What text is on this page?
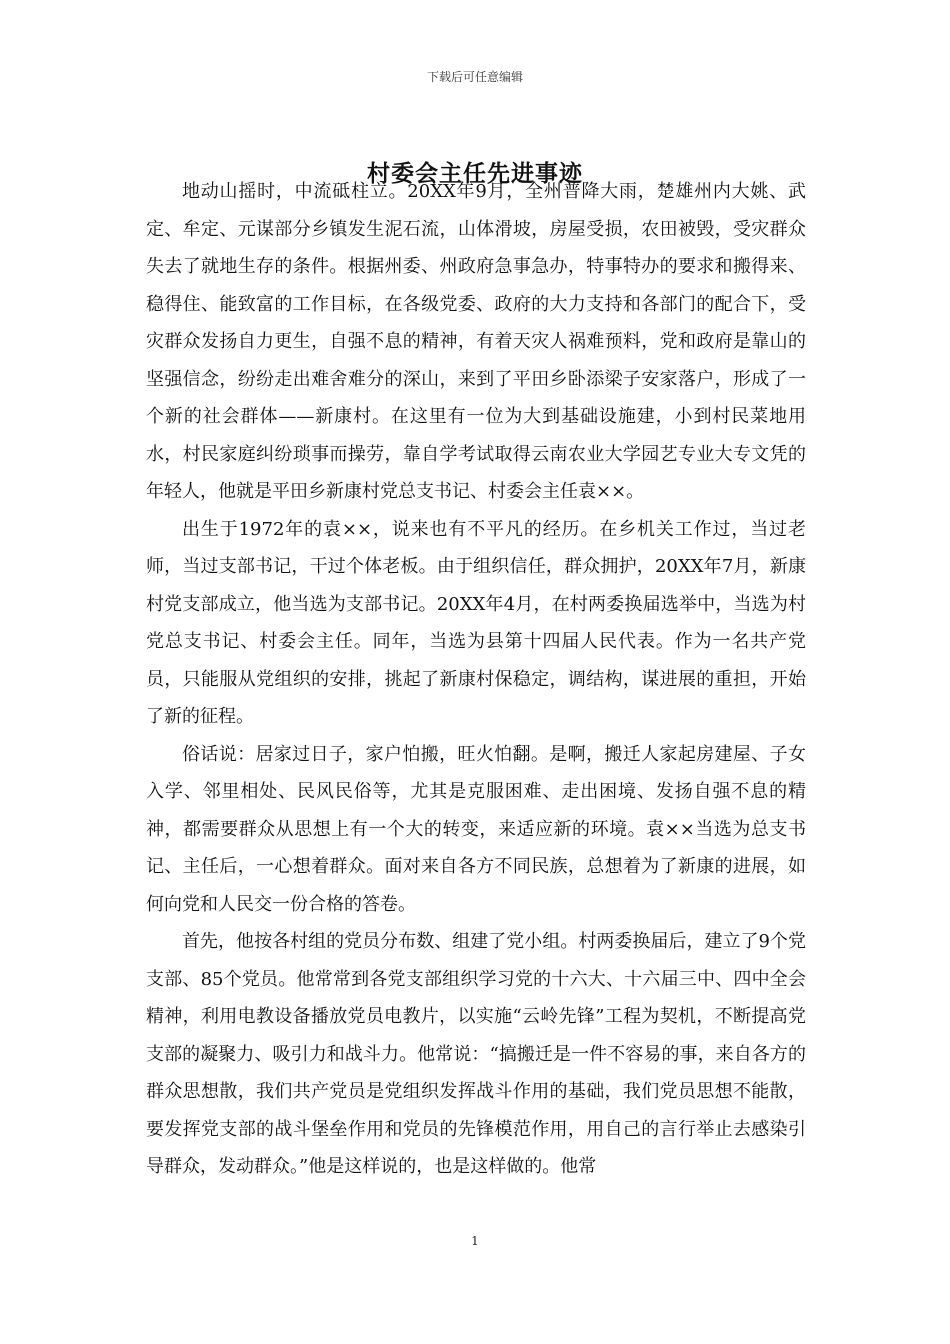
下载后可任意编辑
村委会主任先进事迹

地动山摇时，中流砥柱立。20XX年9月，全州普降大雨，楚雄州内大姚、武定、牟定、元谋部分乡镇发生泥石流，山体滑坡，房屋受损，农田被毁，受灾群众失去了就地生存的条件。根据州委、州政府急事急办，特事特办的要求和搬得来、稳得住、能致富的工作目标，在各级党委、政府的大力支持和各部门的配合下，受灾群众发扬自力更生，自强不息的精神，有着天灾人祸难预料，党和政府是靠山的坚强信念，纷纷走出难舍难分的深山，来到了平田乡卧添梁子安家落户，形成了一个新的社会群体——新康村。在这里有一位为大到基础设施建，小到村民菜地用水，村民家庭纠纷琐事而操劳，靠自学考试取得云南农业大学园艺专业大专文凭的年轻人，他就是平田乡新康村党总支书记、村委会主任袁××。

出生于1972年的袁××，说来也有不平凡的经历。在乡机关工作过，当过老师，当过支部书记，干过个体老板。由于组织信任，群众拥护，20XX年7月，新康村党支部成立，他当选为支部书记。20XX年4月，在村两委换届选举中，当选为村党总支书记、村委会主任。同年，当选为县第十四届人民代表。作为一名共产党员，只能服从党组织的安排，挑起了新康村保稳定，调结构，谋进展的重担，开始了新的征程。

俗话说：居家过日子，家户怕搬，旺火怕翻。是啊，搬迁人家起房建屋、子女入学、邻里相处、民风民俗等，尤其是克服困难、走出困境、发扬自强不息的精神，都需要群众从思想上有一个大的转变，来适应新的环境。袁××当选为总支书记、主任后，一心想着群众。面对来自各方不同民族，总想着为了新康的进展，如何向党和人民交一份合格的答卷。

首先，他按各村组的党员分布数、组建了党小组。村两委换届后，建立了9个党支部、85个党员。他常常到各党支部组织学习党的十六大、十六届三中、四中全会精神，利用电教设备播放党员电教片，以实施“云岭先锋”工程为契机，不断提高党支部的凝聚力、吸引力和战斗力。他常说：“搞搬迁是一件不容易的事，来自各方的群众思想散，我们共产党员是党组织发挥战斗作用的基础，我们党员思想不能散，要发挥党支部的战斗堡垒作用和党员的先锋模范作用，用自己的言行举止去感染引导群众，发动群众。”他是这样说的，也是这样做的。他常

1
